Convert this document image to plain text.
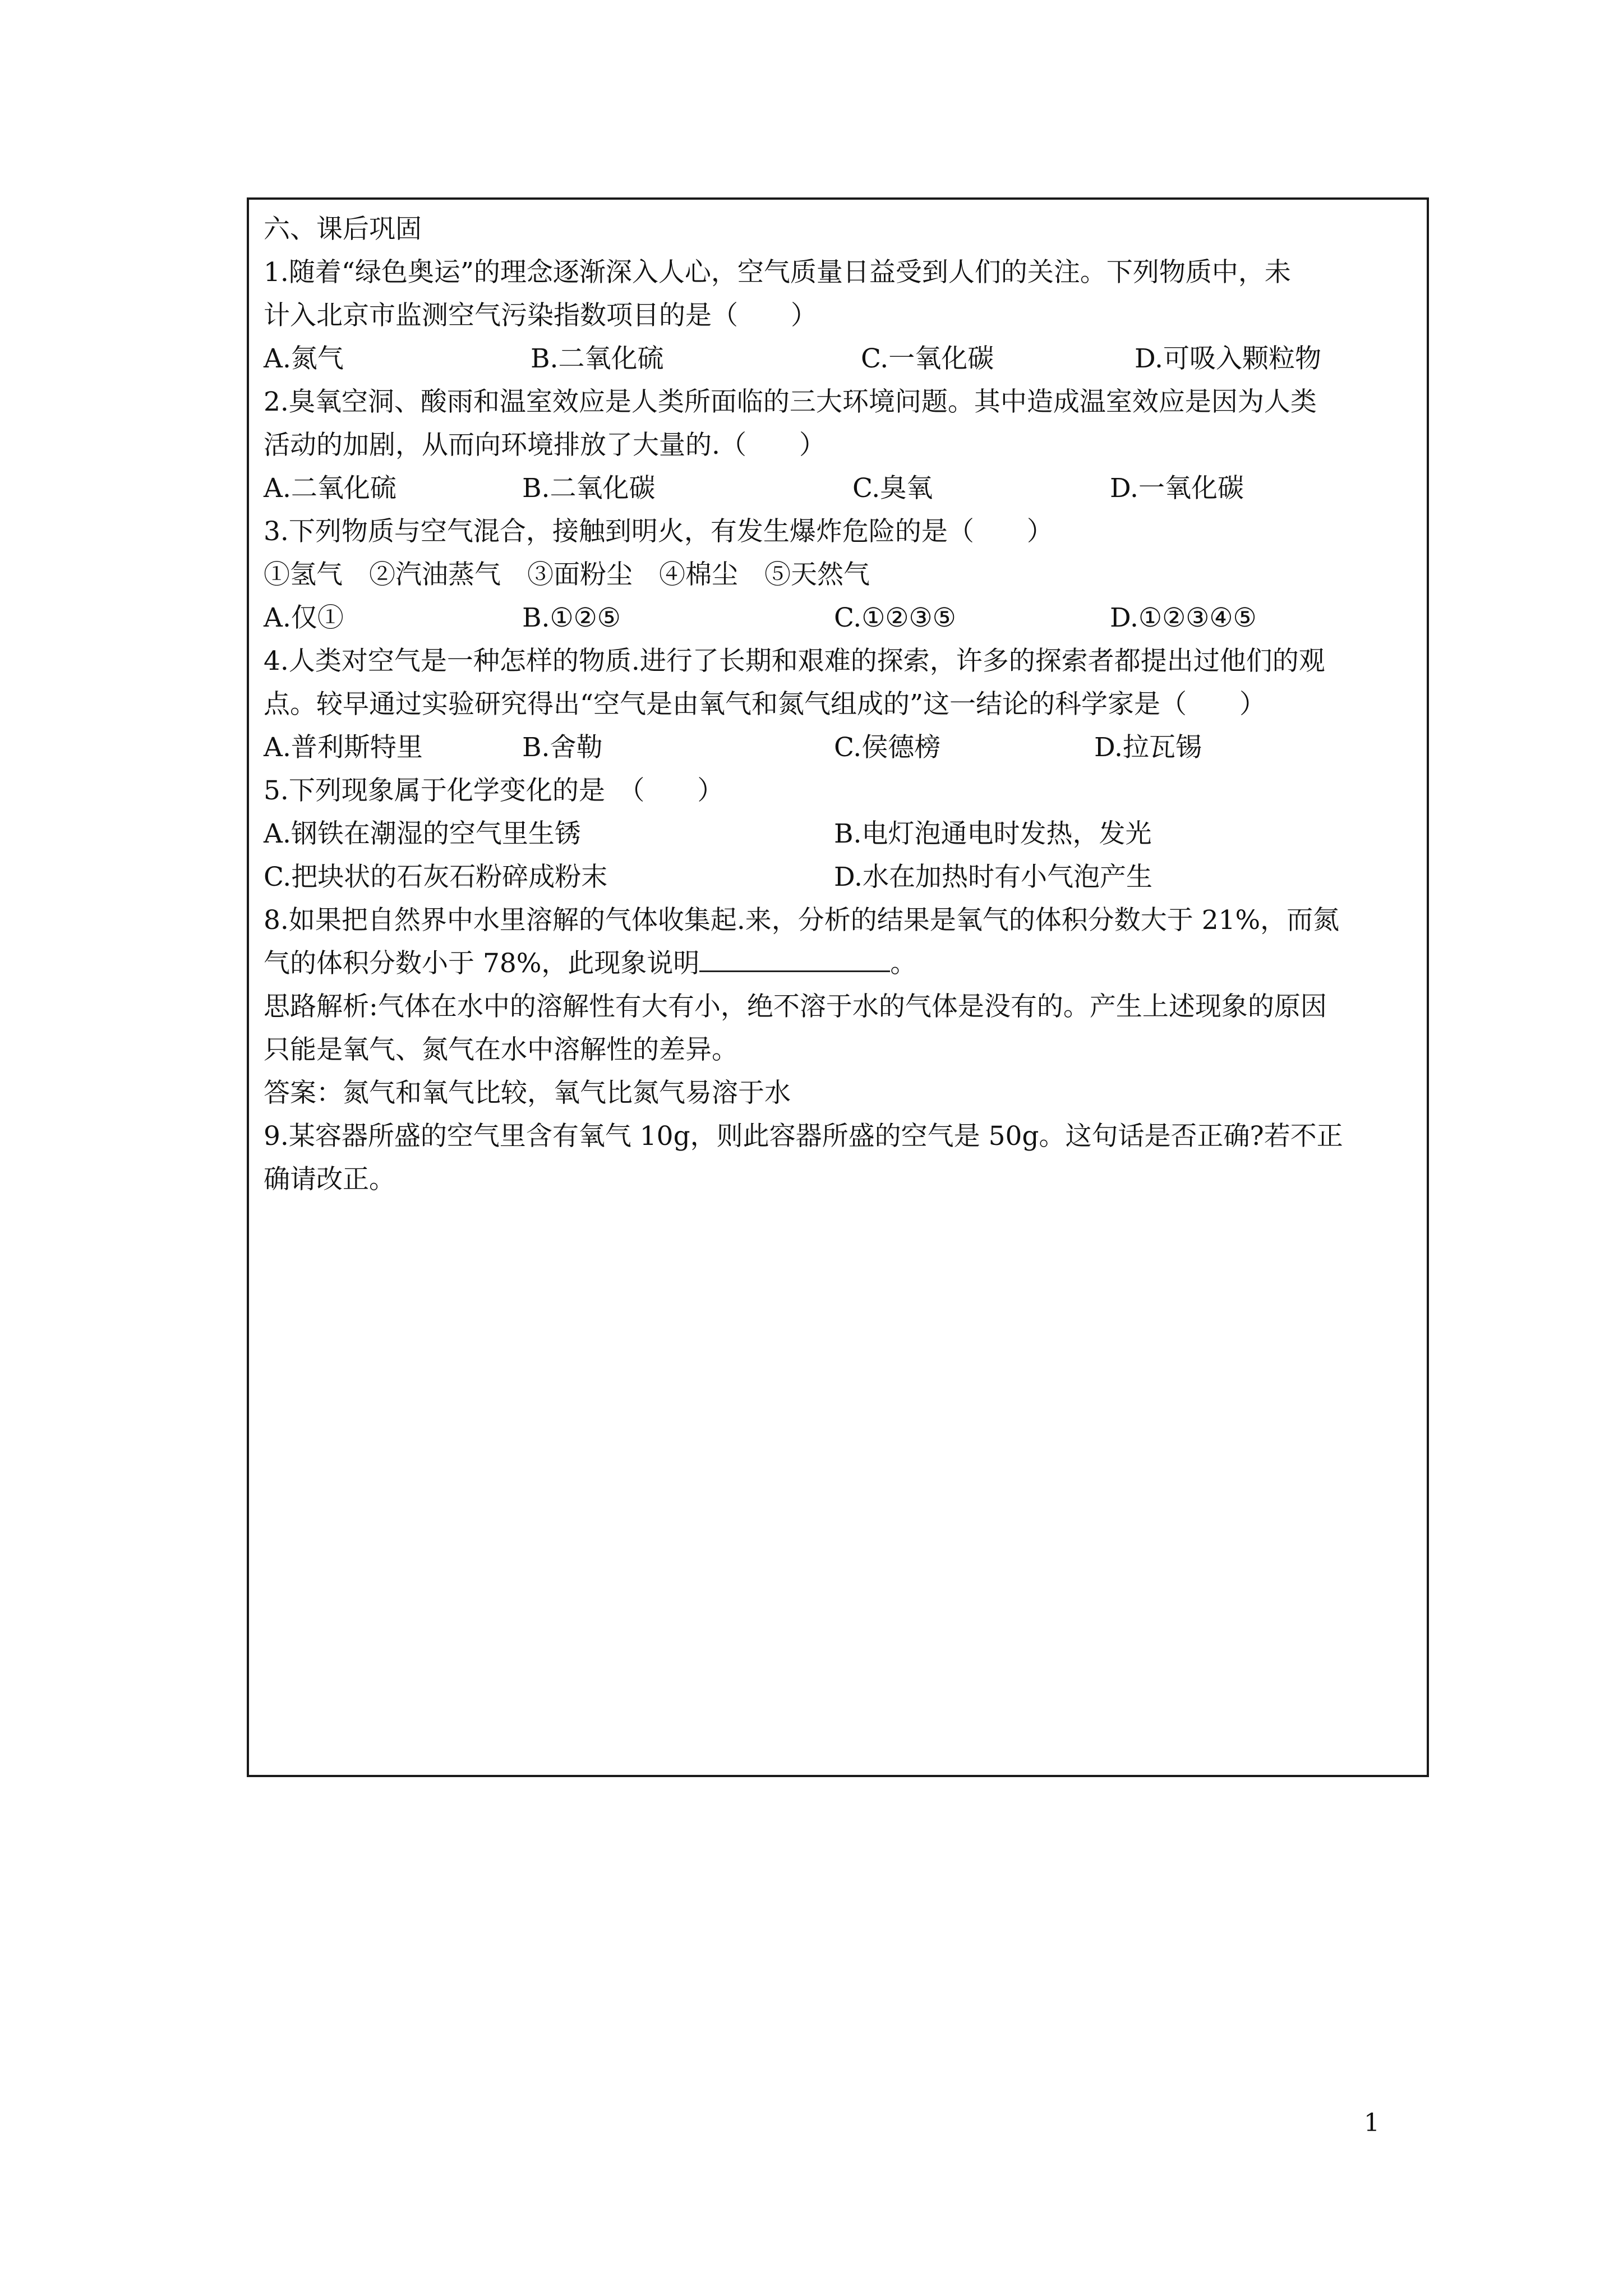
六、课后巩固
1.随着“绿色奥运”的理念逐渐深入人心，空气质量日益受到人们的关注。下列物质中，未
计入北京市监测空气污染指数项目的是（　　）
A.氮气	B.二氧化硫	C.一氧化碳	D.可吸入颗粒物
2.臭氧空洞、酸雨和温室效应是人类所面临的三大环境问题。其中造成温室效应是因为人类
活动的加剧，从而向环境排放了大量的.（　　）
A.二氧化硫	B.二氧化碳	C.臭氧	D.一氧化碳
3.下列物质与空气混合，接触到明火，有发生爆炸危险的是（　　）
①氢气　②汽油蒸气　③面粉尘　④棉尘　⑤天然气
A.仅①	B.①②⑤	C.①②③⑤	D.①②③④⑤
4.人类对空气是一种怎样的物质.进行了长期和艰难的探索，许多的探索者都提出过他们的观
点。较早通过实验研究得出“空气是由氧气和氮气组成的”这一结论的科学家是（　　）
A.普利斯特里	B.舍勒	C.侯德榜	D.拉瓦锡
5.下列现象属于化学变化的是　（　　）
A.钢铁在潮湿的空气里生锈	B.电灯泡通电时发热，发光
C.把块状的石灰石粉碎成粉末	D.水在加热时有小气泡产生
8.如果把自然界中水里溶解的气体收集起.来，分析的结果是氧气的体积分数大于 21%，而氮
气的体积分数小于 78%，此现象说明	。
思路解析:气体在水中的溶解性有大有小，绝不溶于水的气体是没有的。产生上述现象的原因
只能是氧气、氮气在水中溶解性的差异。
答案：氮气和氧气比较，氧气比氮气易溶于水
9.某容器所盛的空气里含有氧气 10g，则此容器所盛的空气是 50g。这句话是否正确?若不正
确请改正。
1
